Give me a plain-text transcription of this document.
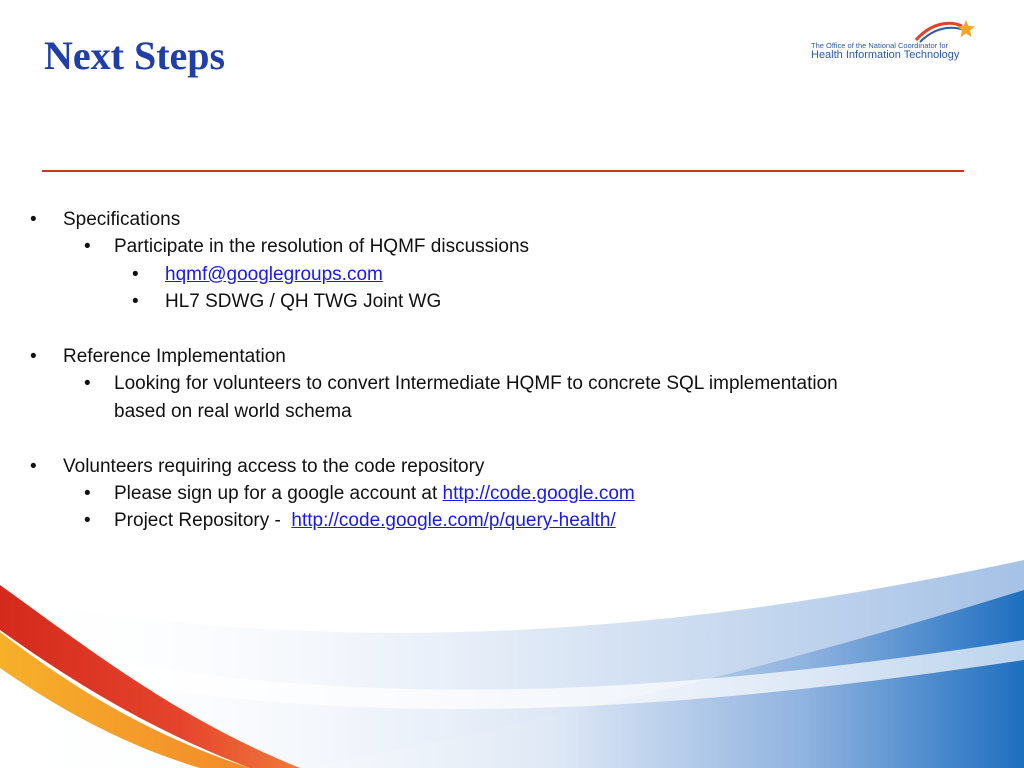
Next Steps	The Office of the National Coordinator for
Health Information Technology
• Specifications
• Participate in the resolution of HQMF discussions
• hqmf@googlegroups.com
• HL7 SDWG / QH TWG Joint WG
• Reference Implementation
• Looking for volunteers to convert Intermediate HQMF to concrete SQL implementation based on real world schema
• Volunteers requiring access to the code repository
• Please sign up for a google account at http://code.google.com
• Project Repository -  http://code.google.com/p/query-health/
